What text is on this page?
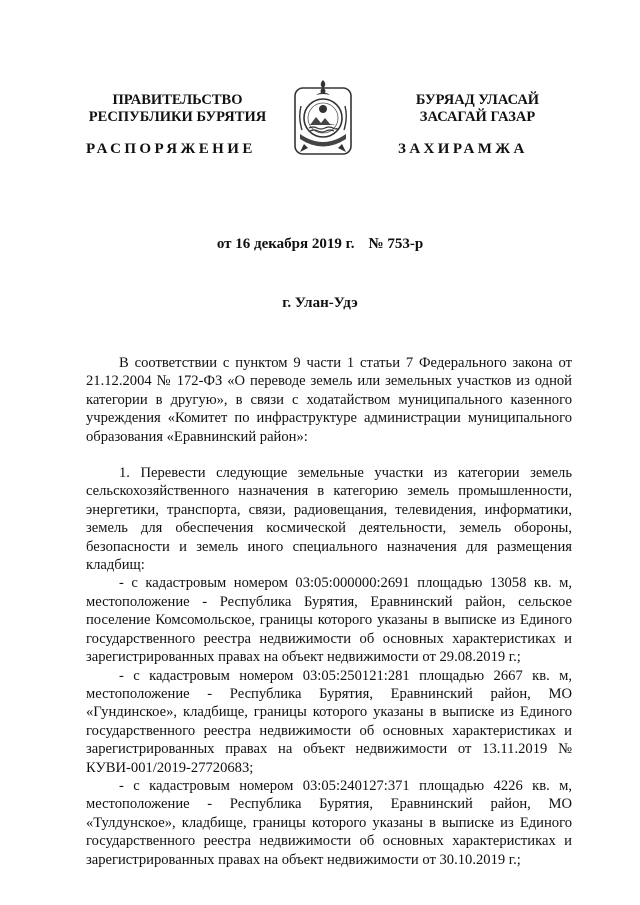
ПРАВИТЕЛЬСТВО
РЕСПУБЛИКИ БУРЯТИЯ
БУРЯАД УЛАСАЙ
ЗАСАГАЙ ГАЗАР
РАСПОРЯЖЕНИЕ	ЗАХИРАМЖА
от 16 декабря 2019 г. № 753-р
г. Улан-Удэ

В соответствии с пунктом 9 части 1 статьи 7 Федерального закона от 21.12.2004 № 172-ФЗ «О переводе земель или земельных участков из одной категории в другую», в связи с ходатайством муниципального казенного учреждения «Комитет по инфраструктуре администрации муниципального образования «Еравнинский район»:

1. Перевести следующие земельные участки из категории земель сельскохозяйственного назначения в категорию земель промышленности, энергетики, транспорта, связи, радиовещания, телевидения, информатики, земель для обеспечения космической деятельности, земель обороны, безопасности и земель иного специального назначения для размещения кладбищ:

- с кадастровым номером 03:05:000000:2691 площадью 13058 кв. м, местоположение - Республика Бурятия, Еравнинский район, сельское поселение Комсомольское, границы которого указаны в выписке из Единого государственного реестра недвижимости об основных характеристиках и зарегистрированных правах на объект недвижимости от 29.08.2019 г.;

- с кадастровым номером 03:05:250121:281 площадью 2667 кв. м, местоположение - Республика Бурятия, Еравнинский район, МО «Гундинское», кладбище, границы которого указаны в выписке из Единого государственного реестра недвижимости об основных характеристиках и зарегистрированных правах на объект недвижимости от 13.11.2019 № КУВИ-001/2019-27720683;

- с кадастровым номером 03:05:240127:371 площадью 4226 кв. м, местоположение - Республика Бурятия, Еравнинский район, МО «Тулдунское», кладбище, границы которого указаны в выписке из Единого государственного реестра недвижимости об основных характеристиках и зарегистрированных правах на объект недвижимости от 30.10.2019 г.;
